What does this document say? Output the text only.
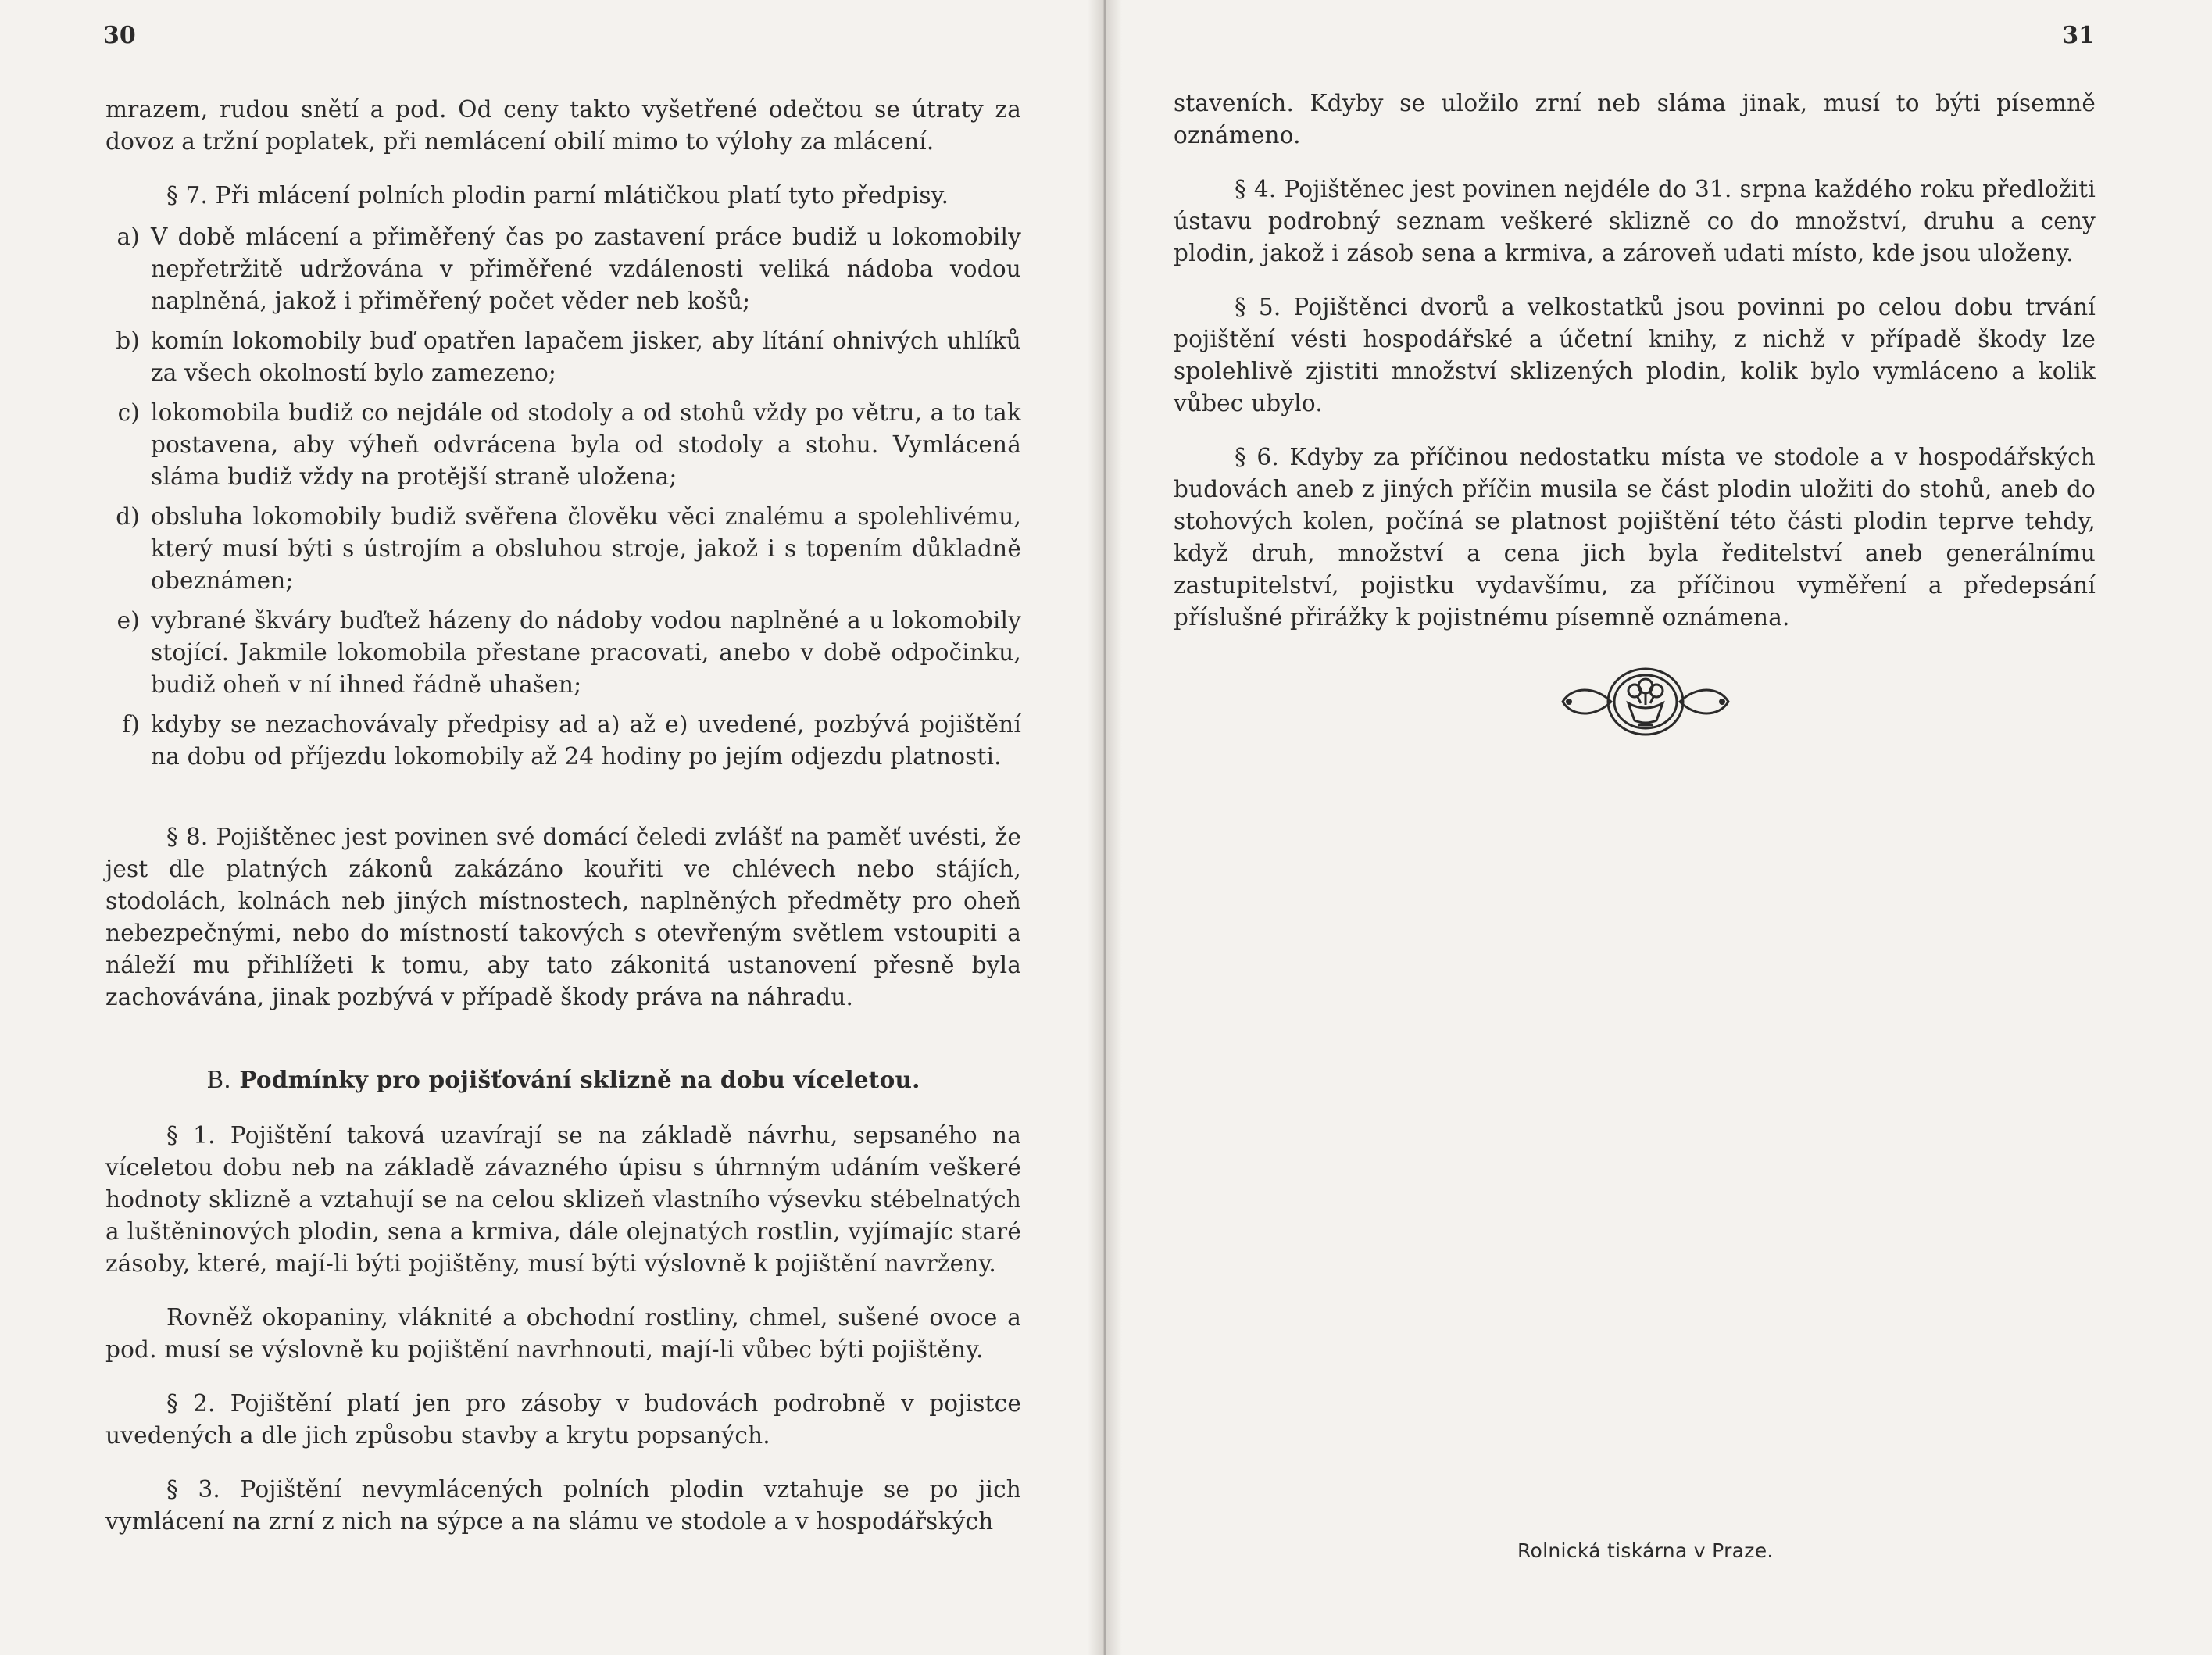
30

mrazem, rudou snětí a pod. Od ceny takto vyšetřené odečtou se útraty za dovoz a tržní poplatek, při nemlácení obilí mimo to výlohy za mlácení.

§ 7. Při mlácení polních plodin parní mlátičkou platí tyto předpisy.

a) V době mlácení a přiměřený čas po zastavení práce budiž u lokomobily nepřetržitě udržována v přiměřené vzdálenosti veliká nádoba vodou naplněná, jakož i přiměřený počet věder neb košů;
b) komín lokomobily buď opatřen lapačem jisker, aby lítání ohnivých uhlíků za všech okolností bylo zamezeno;
c) lokomobila budiž co nejdále od stodoly a od stohů vždy po větru, a to tak postavena, aby výheň odvrácena byla od stodoly a stohu. Vymlácená sláma budiž vždy na protější straně uložena;
d) obsluha lokomobily budiž svěřena člověku věci znalému a spolehlivému, který musí býti s ústrojím a obsluhou stroje, jakož i s topením důkladně obeznámen;
e) vybrané škváry buďtež házeny do nádoby vodou naplněné a u lokomobily stojící. Jakmile lokomobila přestane pracovati, anebo v době odpočinku, budiž oheň v ní ihned řádně uhašen;
f) kdyby se nezachovávaly předpisy ad a) až e) uvedené, pozbývá pojištění na dobu od příjezdu lokomobily až 24 hodiny po jejím odjezdu platnosti.

§ 8. Pojištěnec jest povinen své domácí čeledi zvlášť na paměť uvésti, že jest dle platných zákonů zakázáno kouřiti ve chlévech nebo stájích, stodolách, kolnách neb jiných místnostech, naplněných předměty pro oheň nebezpečnými, nebo do místností takových s otevřeným světlem vstoupiti a náleží mu přihlížeti k tomu, aby tato zákonitá ustanovení přesně byla zachovávána, jinak pozbývá v případě škody práva na náhradu.

B. Podmínky pro pojišťování sklizně na dobu víceletou.

§ 1. Pojištění taková uzavírají se na základě návrhu, sepsaného na víceletou dobu neb na základě závazného úpisu s úhrnným udáním veškeré hodnoty sklizně a vztahují se na celou sklizeň vlastního výsevku stébelnatých a luštěninových plodin, sena a krmiva, dále olejnatých rostlin, vyjímajíc staré zásoby, které, mají-li býti pojištěny, musí býti výslovně k pojištění navrženy.

Rovněž okopaniny, vláknité a obchodní rostliny, chmel, sušené ovoce a pod. musí se výslovně ku pojištění navrhnouti, mají-li vůbec býti pojištěny.

§ 2. Pojištění platí jen pro zásoby v budovách podrobně v pojistce uvedených a dle jich způsobu stavby a krytu popsaných.

§ 3. Pojištění nevymlácených polních plodin vztahuje se po jich vymlácení na zrní z nich na sýpce a na slámu ve stodole a v hospodářských

31

staveních. Kdyby se uložilo zrní neb sláma jinak, musí to býti písemně oznámeno.

§ 4. Pojištěnec jest povinen nejdéle do 31. srpna každého roku předložiti ústavu podrobný seznam veškeré sklizně co do množství, druhu a ceny plodin, jakož i zásob sena a krmiva, a zároveň udati místo, kde jsou uloženy.

§ 5. Pojištěnci dvorů a velkostatků jsou povinni po celou dobu trvání pojištění vésti hospodářské a účetní knihy, z nichž v případě škody lze spolehlivě zjistiti množství sklizených plodin, kolik bylo vymláceno a kolik vůbec ubylo.

§ 6. Kdyby za příčinou nedostatku místa ve stodole a v hospodářských budovách aneb z jiných příčin musila se část plodin uložiti do stohů, aneb do stohových kolen, počíná se platnost pojištění této části plodin teprve tehdy, když druh, množství a cena jich byla ředitelství aneb generálnímu zastupitelství, pojistku vydavšímu, za příčinou vyměření a předepsání příslušné přirážky k pojistnému písemně oznámena.

Rolnická tiskárna v Praze.
